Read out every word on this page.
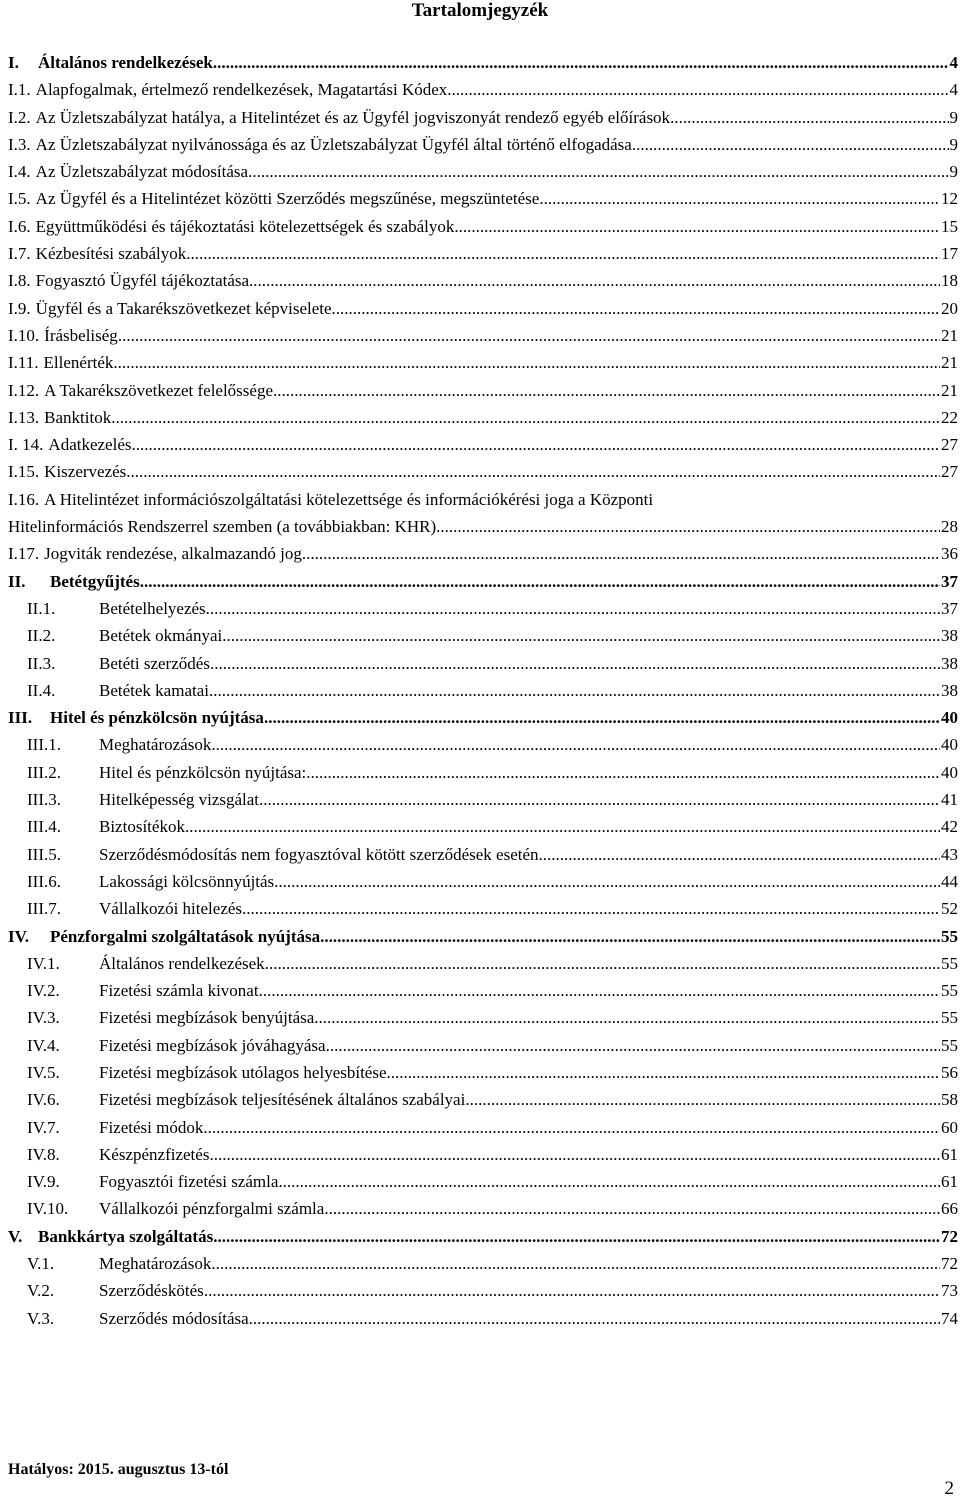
Tartalomjegyzék
I. Általános rendelkezések .....	4
I.1. Alapfogalmak, értelmező rendelkezések, Magatartási Kódex .....	4
I.2. Az Üzletszabályzat hatálya, a Hitelintézet és az Ügyfél jogviszonyát rendező egyéb előírások .....	9
I.3. Az Üzletszabályzat nyilvánossága és az Üzletszabályzat Ügyfél által történő elfogadása .....	9
I.4. Az Üzletszabályzat módosítása .....	9
I.5. Az Ügyfél és a Hitelintézet közötti Szerződés megszűnése, megszüntetése .....	12
I.6. Együttműködési és tájékoztatási kötelezettségek és szabályok .....	15
I.7. Kézbesítési szabályok .....	17
I.8. Fogyasztó Ügyfél tájékoztatása .....	18
I.9. Ügyfél és a Takarékszövetkezet képviselete .....	20
I.10. Írásbeliség .....	21
I.11. Ellenérték .....	21
I.12. A Takarékszövetkezet felelőssége .....	21
I.13. Banktitok .....	22
I. 14. Adatkezelés .....	27
I.15. Kiszervezés .....	27
I.16. A Hitelintézet információszolgáltatási kötelezettsége és információkérési joga a Központi
Hitelinformációs Rendszerrel szemben (a továbbiakban: KHR) .....	28
I.17. Jogviták rendezése, alkalmazandó jog .....	36
II. Betétgyűjtés .....	37
II.1.	Betételhelyezés .....	37
II.2.	Betétek okmányai .....	38
II.3.	Betéti szerződés .....	38
II.4.	Betétek kamatai .....	38
III. Hitel és pénzkölcsön nyújtása .....	40
III.1. Meghatározások .....	40
III.2. Hitel és pénzkölcsön nyújtása: .....	40
III.3. Hitelképesség vizsgálat .....	41
III.4. Biztosítékok .....	42
III.5. Szerződésmódosítás nem fogyasztóval kötött szerződések esetén .....	43
III.6. Lakossági kölcsönnyújtás .....	44
III.7. Vállalkozói hitelezés .....	52
IV. Pénzforgalmi szolgáltatások nyújtása .....	55
IV.1. Általános rendelkezések .....	55
IV.2. Fizetési számla kivonat .....	55
IV.3. Fizetési megbízások benyújtása .....	55
IV.4. Fizetési megbízások jóváhagyása .....	55
IV.5. Fizetési megbízások utólagos helyesbítése .....	56
IV.6. Fizetési megbízások teljesítésének általános szabályai .....	58
IV.7. Fizetési módok .....	60
IV.8. Készpénzfizetés .....	61
IV.9. Fogyasztói fizetési számla .....	61
IV.10. Vállalkozói pénzforgalmi számla .....	66
V. Bankkártya szolgáltatás .....	72
V.1.	Meghatározások .....	72
V.2.	Szerződéskötés .....	73
V.3.	Szerződés módosítása .....	74
Hatályos: 2015. augusztus 13-tól
2
